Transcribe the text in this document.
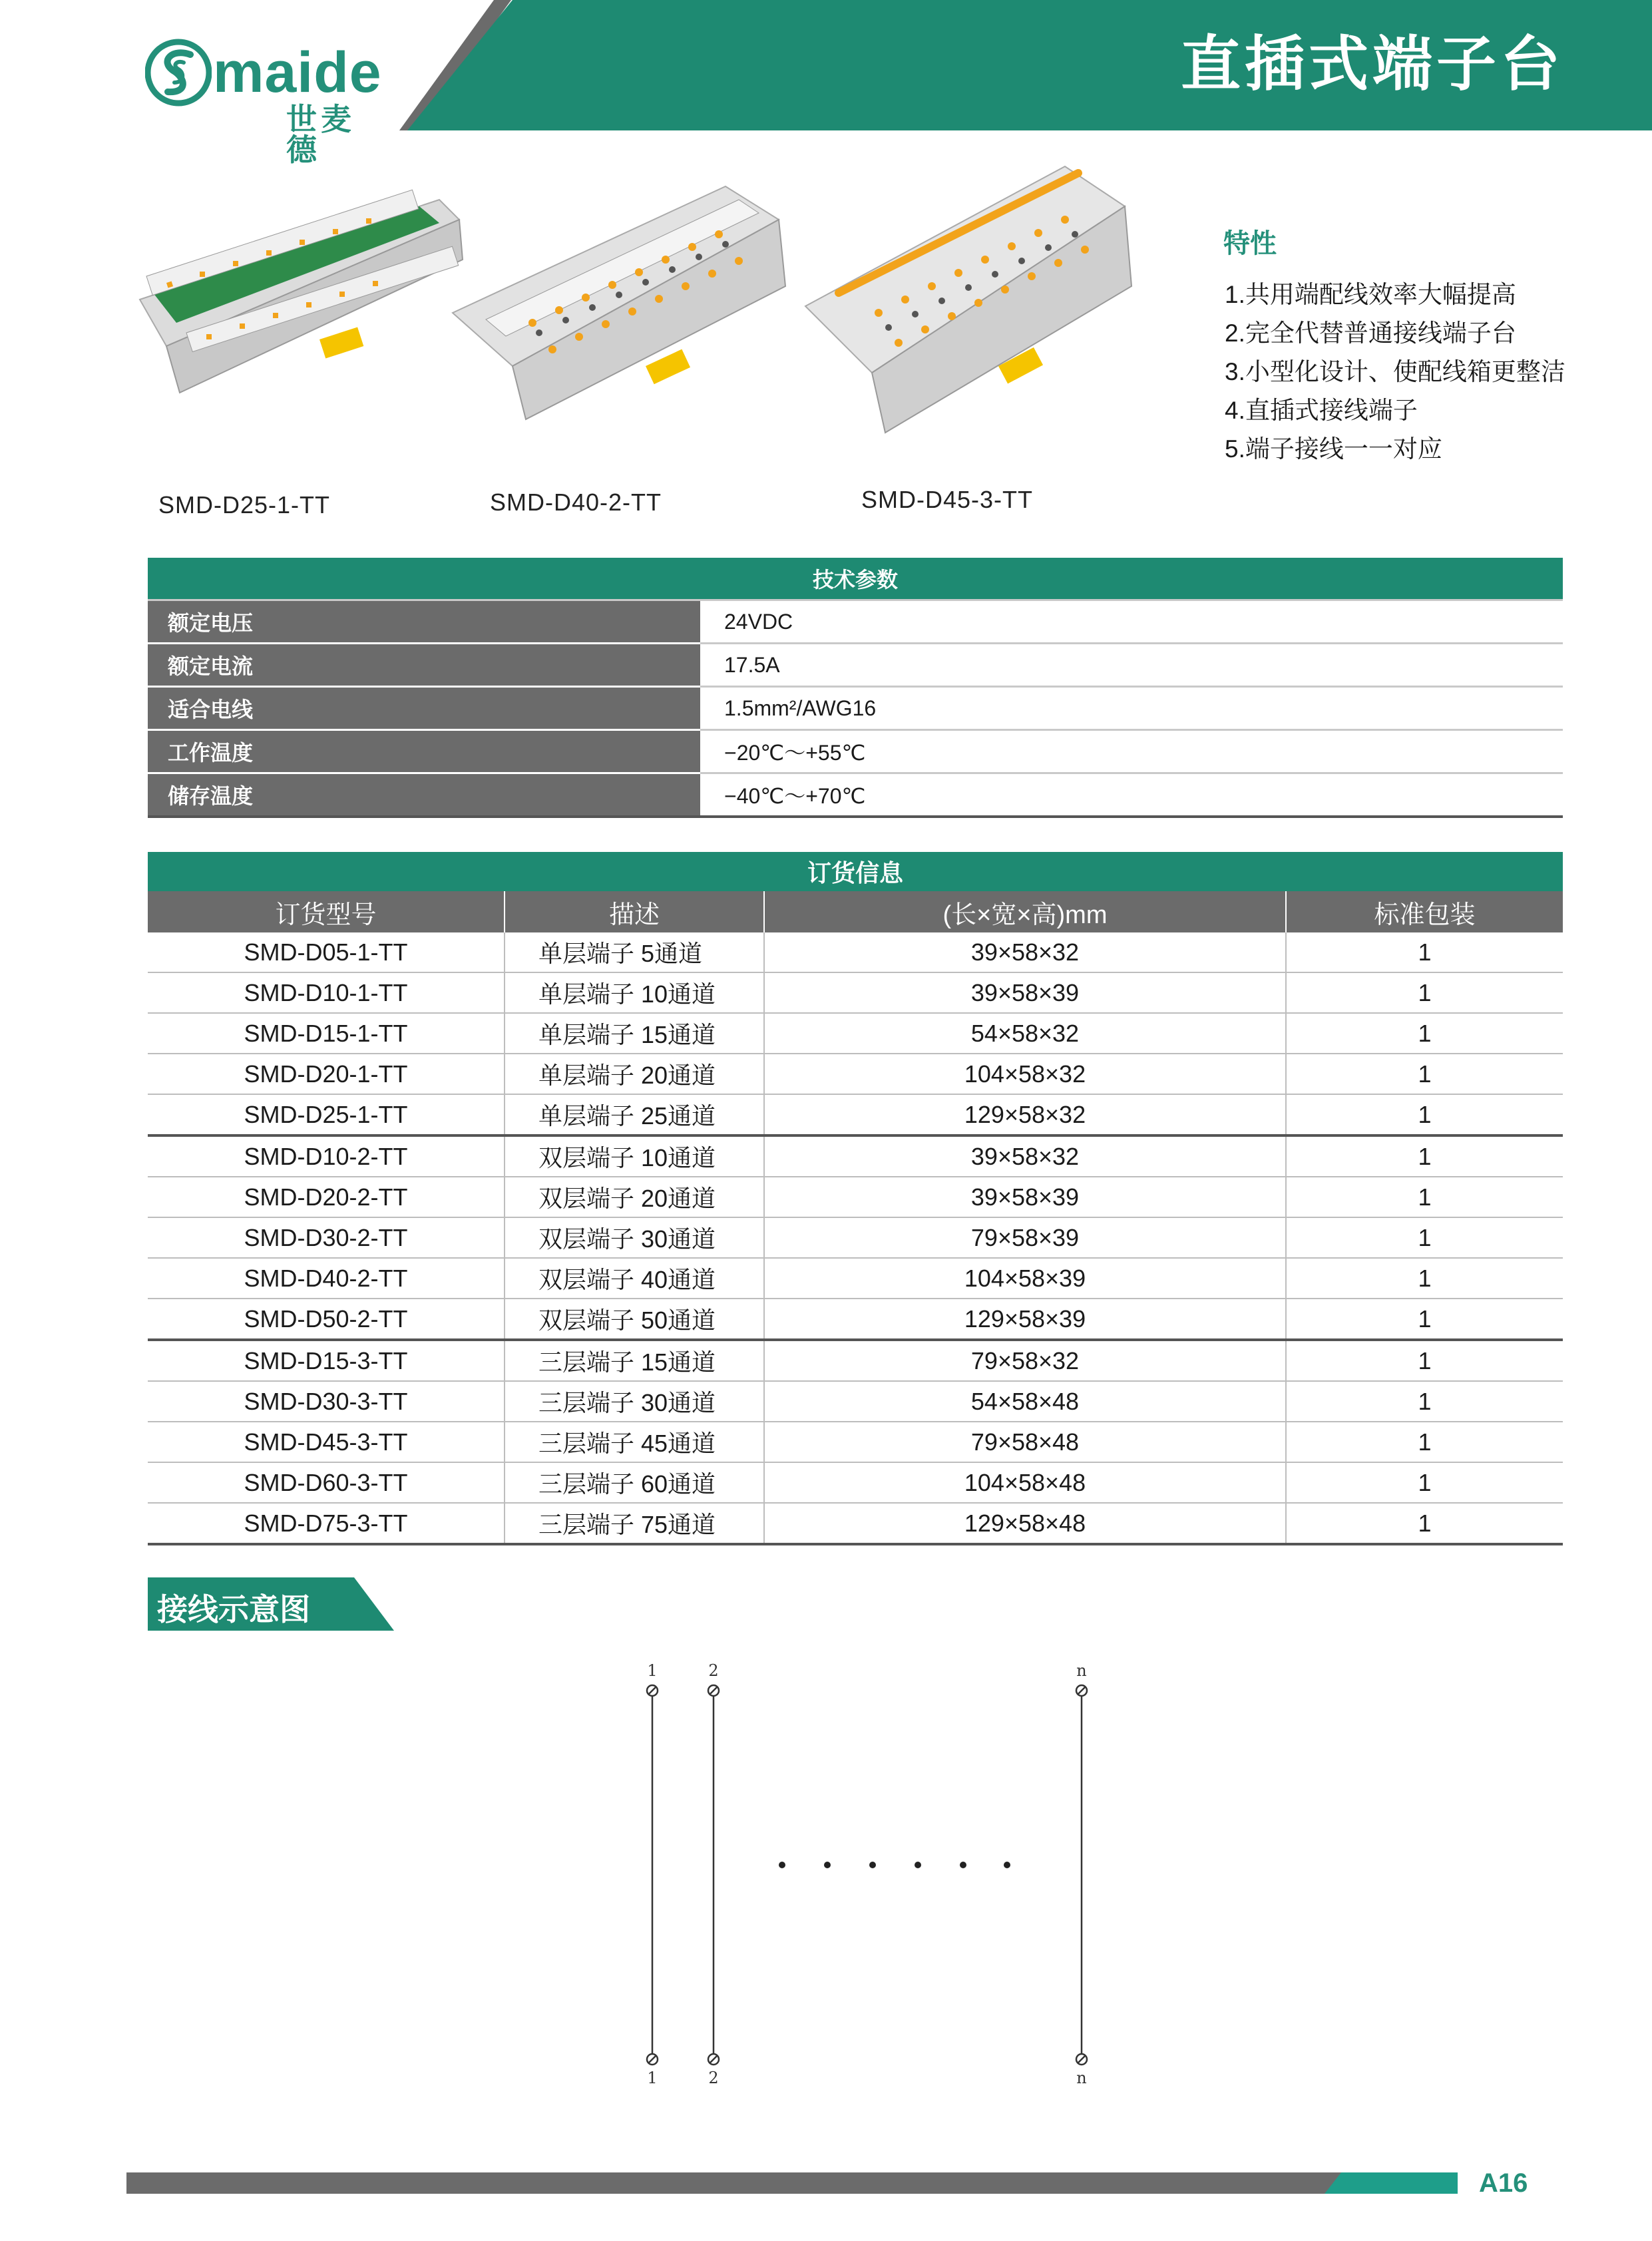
maide
世麦德
直插式端子台
SMD-D25-1-TT	SMD-D40-2-TT	SMD-D45-3-TT
特性
1.共用端配线效率大幅提高
2.完全代替普通接线端子台
3.小型化设计、使配线箱更整洁
4.直插式接线端子
5.端子接线一一对应
技术参数	
额定电压	24VDC
额定电流	17.5A
适合电线	1.5mm²/AWG16
工作温度	−20℃～+55℃
储存温度	−40℃～+70℃
订货信息			
订货型号	描述	(长×宽×高)mm	标准包装
SMD-D05-1-TT	单层端子 5通道	39×58×32	1
SMD-D10-1-TT	单层端子 10通道	39×58×39	1
SMD-D15-1-TT	单层端子 15通道	54×58×32	1
SMD-D20-1-TT	单层端子 20通道	104×58×32	1
SMD-D25-1-TT	单层端子 25通道	129×58×32	1
SMD-D10-2-TT	双层端子 10通道	39×58×32	1
SMD-D20-2-TT	双层端子 20通道	39×58×39	1
SMD-D30-2-TT	双层端子 30通道	79×58×39	1
SMD-D40-2-TT	双层端子 40通道	104×58×39	1
SMD-D50-2-TT	双层端子 50通道	129×58×39	1
SMD-D15-3-TT	三层端子 15通道	79×58×32	1
SMD-D30-3-TT	三层端子 30通道	54×58×48	1
SMD-D45-3-TT	三层端子 45通道	79×58×48	1
SMD-D60-3-TT	三层端子 60通道	104×58×48	1
SMD-D75-3-TT	三层端子 75通道	129×58×48	1
接线示意图
1	2	n
1	2	n
A16
